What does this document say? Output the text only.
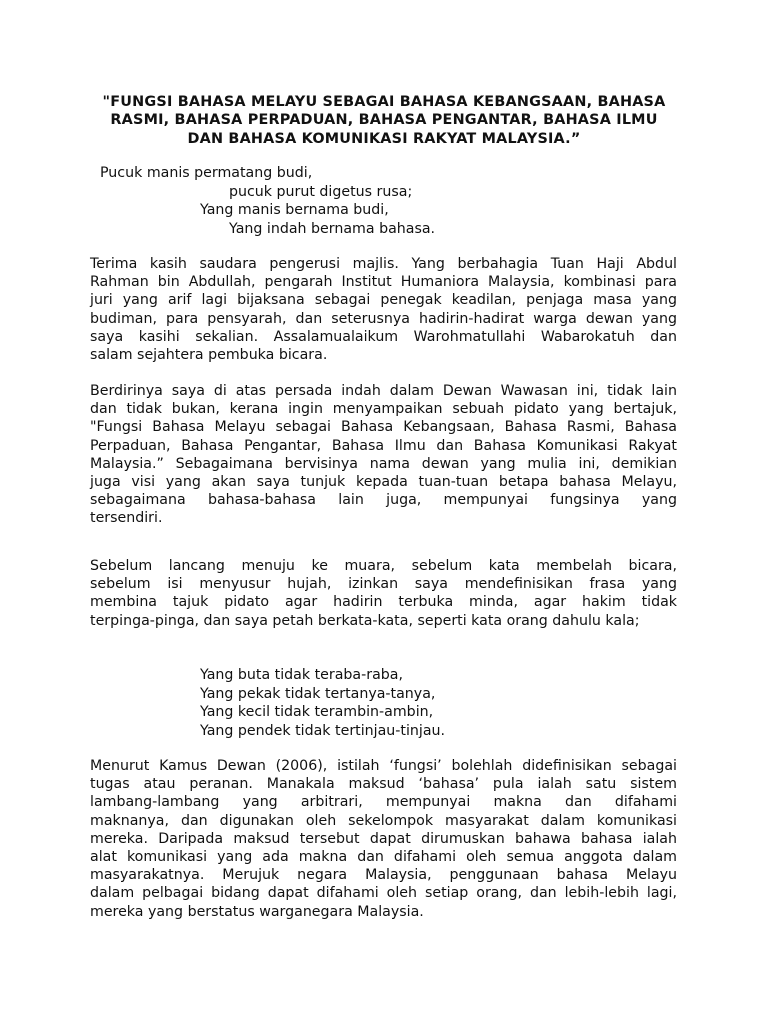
"FUNGSI BAHASA MELAYU SEBAGAI BAHASA KEBANGSAAN, BAHASA
RASMI, BAHASA PERPADUAN, BAHASA PENGANTAR, BAHASA ILMU
DAN BAHASA KOMUNIKASI RAKYAT MALAYSIA.”
Pucuk manis permatang budi,
pucuk purut digetus rusa;
Yang manis bernama budi,
Yang indah bernama bahasa.
Terima kasih saudara pengerusi majlis. Yang berbahagia Tuan Haji Abdul
Rahman bin Abdullah, pengarah Institut Humaniora Malaysia, kombinasi para
juri yang arif lagi bijaksana sebagai penegak keadilan, penjaga masa yang
budiman, para pensyarah, dan seterusnya hadirin-hadirat warga dewan yang
saya kasihi sekalian. Assalamualaikum Warohmatullahi Wabarokatuh dan
salam sejahtera pembuka bicara.
Berdirinya saya di atas persada indah dalam Dewan Wawasan ini, tidak lain
dan tidak bukan, kerana ingin menyampaikan sebuah pidato yang bertajuk,
"Fungsi Bahasa Melayu sebagai Bahasa Kebangsaan, Bahasa Rasmi, Bahasa
Perpaduan, Bahasa Pengantar, Bahasa Ilmu dan Bahasa Komunikasi Rakyat
Malaysia.” Sebagaimana bervisinya nama dewan yang mulia ini, demikian
juga visi yang akan saya tunjuk kepada tuan-tuan betapa bahasa Melayu,
sebagaimana bahasa-bahasa lain juga, mempunyai fungsinya yang
tersendiri.
Sebelum lancang menuju ke muara, sebelum kata membelah bicara,
sebelum isi menyusur hujah, izinkan saya mendefinisikan frasa yang
membina tajuk pidato agar hadirin terbuka minda, agar hakim tidak
terpinga-pinga, dan saya petah berkata-kata, seperti kata orang dahulu kala;
Yang buta tidak teraba-raba,
Yang pekak tidak tertanya-tanya,
Yang kecil tidak terambin-ambin,
Yang pendek tidak tertinjau-tinjau.
Menurut Kamus Dewan (2006), istilah ‘fungsi’ bolehlah didefinisikan sebagai
tugas atau peranan. Manakala maksud ‘bahasa’ pula ialah satu sistem
lambang-lambang yang arbitrari, mempunyai makna dan difahami
maknanya, dan digunakan oleh sekelompok masyarakat dalam komunikasi
mereka. Daripada maksud tersebut dapat dirumuskan bahawa bahasa ialah
alat komunikasi yang ada makna dan difahami oleh semua anggota dalam
masyarakatnya. Merujuk negara Malaysia, penggunaan bahasa Melayu
dalam pelbagai bidang dapat difahami oleh setiap orang, dan lebih-lebih lagi,
mereka yang berstatus warganegara Malaysia.
